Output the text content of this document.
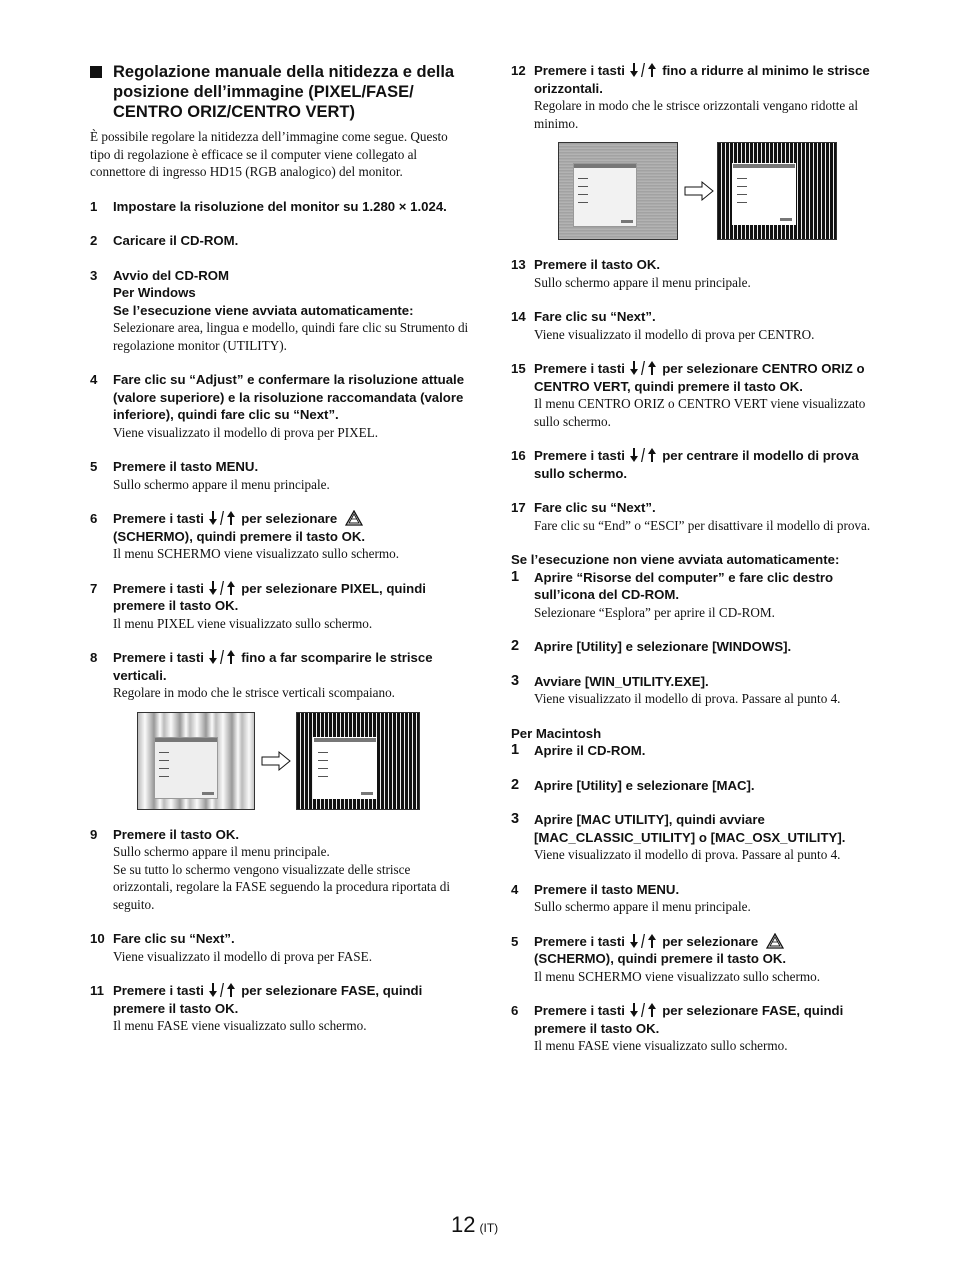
Regolazione manuale della nitidezza e della posizione dell’immagine (PIXEL/FASE/ CENTRO ORIZ/CENTRO VERT)

È possibile regolare la nitidezza dell’immagine come segue. Questo tipo di regolazione è efficace se il computer viene collegato al connettore di ingresso HD15 (RGB analogico) del monitor.

1 Impostare la risoluzione del monitor su 1.280 × 1.024.
2 Caricare il CD-ROM.
3 Avvio del CD-ROM
Per Windows
Se l’esecuzione viene avviata automaticamente:
Selezionare area, lingua e modello, quindi fare clic su Strumento di regolazione monitor (UTILITY).
4 Fare clic su “Adjust” e confermare la risoluzione attuale (valore superiore) e la risoluzione raccomandata (valore inferiore), quindi fare clic su “Next”.
Viene visualizzato il modello di prova per PIXEL.
5 Premere il tasto MENU.
Sullo schermo appare il menu principale.
6 Premere i tasti	per selezionare
(SCHERMO), quindi premere il tasto OK.
Il menu SCHERMO viene visualizzato sullo schermo.
7 Premere i tasti	per selezionare PIXEL, quindi premere il tasto OK.
Il menu PIXEL viene visualizzato sullo schermo.
8 Premere i tasti	fino a far scomparire le strisce verticali.
Regolare in modo che le strisce verticali scompaiano.
9 Premere il tasto OK.
Sullo schermo appare il menu principale.
Se su tutto lo schermo vengono visualizzate delle strisce orizzontali, regolare la FASE seguendo la procedura riportata di seguito.
10 Fare clic su “Next”.
Viene visualizzato il modello di prova per FASE.
11 Premere i tasti	per selezionare FASE, quindi premere il tasto OK.
Il menu FASE viene visualizzato sullo schermo.
12 Premere i tasti	fino a ridurre al minimo le strisce orizzontali.
Regolare in modo che le strisce orizzontali vengano ridotte al minimo.
13 Premere il tasto OK.
Sullo schermo appare il menu principale.
14 Fare clic su “Next”.
Viene visualizzato il modello di prova per CENTRO.
15 Premere i tasti	per selezionare CENTRO ORIZ o CENTRO VERT, quindi premere il tasto OK.
Il menu CENTRO ORIZ o CENTRO VERT viene visualizzato sullo schermo.
16 Premere i tasti	per centrare il modello di prova sullo schermo.
17 Fare clic su “Next”.
Fare clic su “End” o “ESCI” per disattivare il modello di prova.
Se l’esecuzione non viene avviata automaticamente:
1 Aprire “Risorse del computer” e fare clic destro sull’icona del CD-ROM.
Selezionare “Esplora” per aprire il CD-ROM.
2 Aprire [Utility] e selezionare [WINDOWS].
3 Avviare [WIN_UTILITY.EXE].
Viene visualizzato il modello di prova. Passare al punto 4.
Per Macintosh
1 Aprire il CD-ROM.
2 Aprire [Utility] e selezionare [MAC].
3 Aprire [MAC UTILITY], quindi avviare [MAC_CLASSIC_UTILITY] o [MAC_OSX_UTILITY].
Viene visualizzato il modello di prova. Passare al punto 4.
4 Premere il tasto MENU.
Sullo schermo appare il menu principale.
5 Premere i tasti	per selezionare
(SCHERMO), quindi premere il tasto OK.
Il menu SCHERMO viene visualizzato sullo schermo.
6 Premere i tasti	per selezionare FASE, quindi premere il tasto OK.
Il menu FASE viene visualizzato sullo schermo.
12 (IT)
